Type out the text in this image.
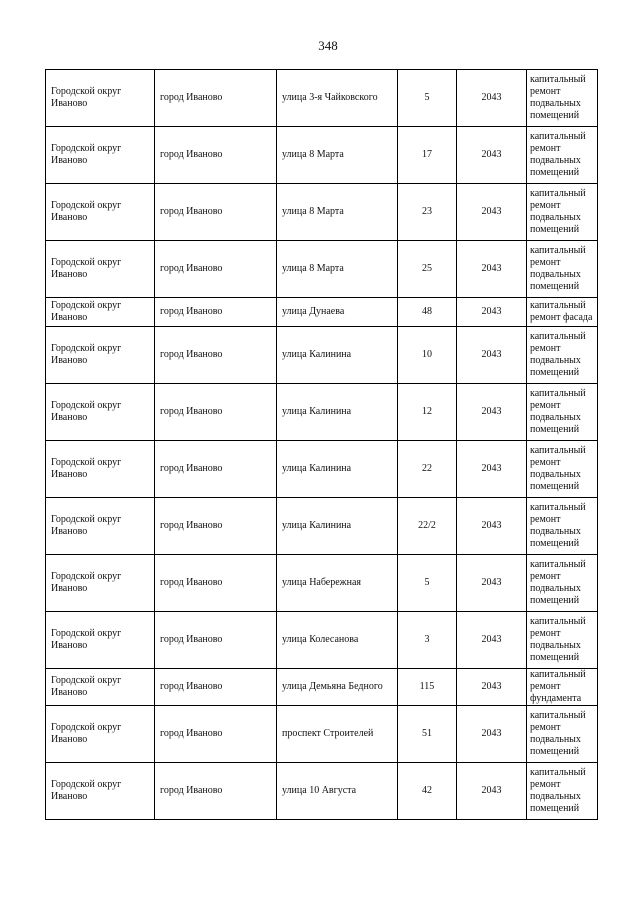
348
Городской округ Иваново	город Иваново	улица 3-я Чайковского	5	2043	капитальный ремонт подвальных помещений
Городской округ Иваново	город Иваново	улица 8 Марта	17	2043	капитальный ремонт подвальных помещений
Городской округ Иваново	город Иваново	улица 8 Марта	23	2043	капитальный ремонт подвальных помещений
Городской округ Иваново	город Иваново	улица 8 Марта	25	2043	капитальный ремонт подвальных помещений
Городской округ Иваново	город Иваново	улица Дунаева	48	2043	капитальный ремонт фасада
Городской округ Иваново	город Иваново	улица Калинина	10	2043	капитальный ремонт подвальных помещений
Городской округ Иваново	город Иваново	улица Калинина	12	2043	капитальный ремонт подвальных помещений
Городской округ Иваново	город Иваново	улица Калинина	22	2043	капитальный ремонт подвальных помещений
Городской округ Иваново	город Иваново	улица Калинина	22/2	2043	капитальный ремонт подвальных помещений
Городской округ Иваново	город Иваново	улица Набережная	5	2043	капитальный ремонт подвальных помещений
Городской округ Иваново	город Иваново	улица Колесанова	3	2043	капитальный ремонт подвальных помещений
Городской округ Иваново	город Иваново	улица Демьяна Бедного	115	2043	капитальный ремонт фундамента
Городской округ Иваново	город Иваново	проспект Строителей	51	2043	капитальный ремонт подвальных помещений
Городской округ Иваново	город Иваново	улица 10 Августа	42	2043	капитальный ремонт подвальных помещений
